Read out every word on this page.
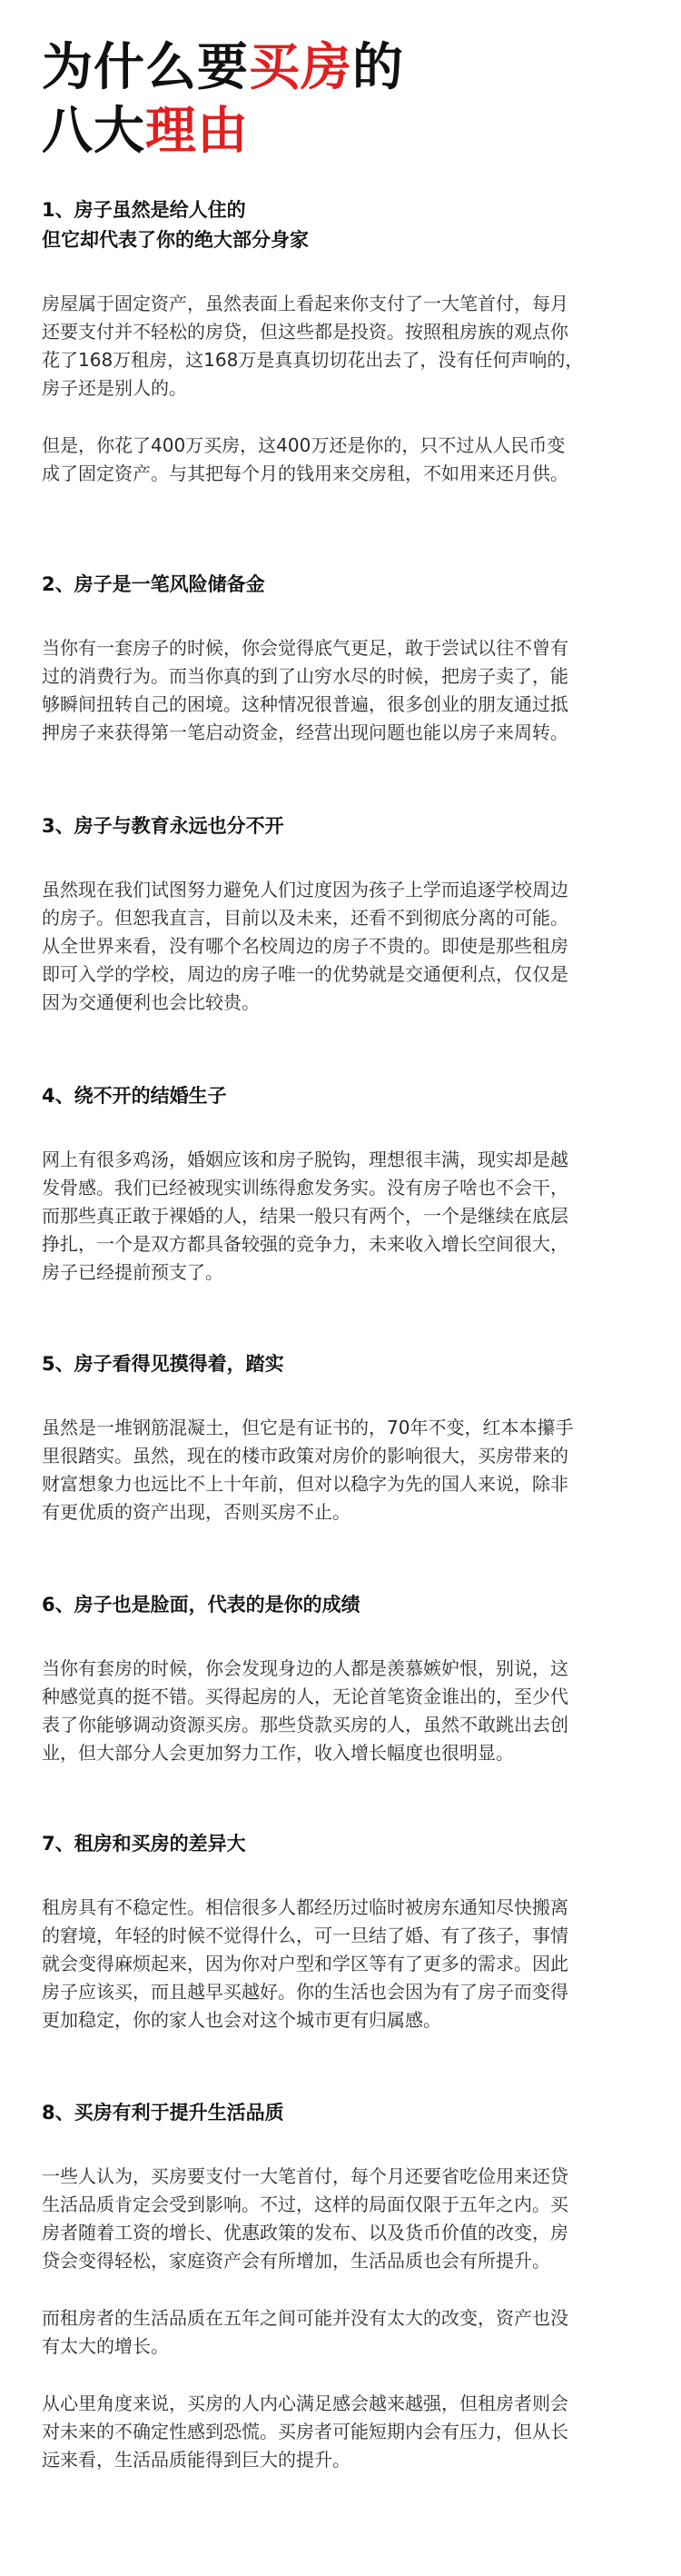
为什么要买房的
八大理由
1、房子虽然是给人住的
但它却代表了你的绝大部分身家

房屋属于固定资产，虽然表面上看起来你支付了一大笔首付，每月
还要支付并不轻松的房贷，但这些都是投资。按照租房族的观点你
花了168万租房，这168万是真真切切花出去了，没有任何声响的，
房子还是别人的。

但是，你花了400万买房，这400万还是你的，只不过从人民币变
成了固定资产。与其把每个月的钱用来交房租，不如用来还月供。

2、房子是一笔风险储备金

当你有一套房子的时候，你会觉得底气更足，敢于尝试以往不曾有
过的消费行为。而当你真的到了山穷水尽的时候，把房子卖了，能
够瞬间扭转自己的困境。这种情况很普遍，很多创业的朋友通过抵
押房子来获得第一笔启动资金，经营出现问题也能以房子来周转。

3、房子与教育永远也分不开

虽然现在我们试图努力避免人们过度因为孩子上学而追逐学校周边
的房子。但恕我直言，目前以及未来，还看不到彻底分离的可能。
从全世界来看，没有哪个名校周边的房子不贵的。即使是那些租房
即可入学的学校，周边的房子唯一的优势就是交通便利点，仅仅是
因为交通便利也会比较贵。

4、绕不开的结婚生子

网上有很多鸡汤，婚姻应该和房子脱钩，理想很丰满，现实却是越
发骨感。我们已经被现实训练得愈发务实。没有房子啥也不会干，
而那些真正敢于裸婚的人，结果一般只有两个，一个是继续在底层
挣扎，一个是双方都具备较强的竞争力，未来收入增长空间很大，
房子已经提前预支了。

5、房子看得见摸得着，踏实

虽然是一堆钢筋混凝土，但它是有证书的，70年不变，红本本攥手
里很踏实。虽然，现在的楼市政策对房价的影响很大，买房带来的
财富想象力也远比不上十年前，但对以稳字为先的国人来说，除非
有更优质的资产出现，否则买房不止。

6、房子也是脸面，代表的是你的成绩

当你有套房的时候，你会发现身边的人都是羡慕嫉妒恨，别说，这
种感觉真的挺不错。买得起房的人，无论首笔资金谁出的，至少代
表了你能够调动资源买房。那些贷款买房的人，虽然不敢跳出去创
业，但大部分人会更加努力工作，收入增长幅度也很明显。

7、租房和买房的差异大

租房具有不稳定性。相信很多人都经历过临时被房东通知尽快搬离
的窘境，年轻的时候不觉得什么，可一旦结了婚、有了孩子，事情
就会变得麻烦起来，因为你对户型和学区等有了更多的需求。因此
房子应该买，而且越早买越好。你的生活也会因为有了房子而变得
更加稳定，你的家人也会对这个城市更有归属感。

8、买房有利于提升生活品质

一些人认为，买房要支付一大笔首付，每个月还要省吃俭用来还贷
生活品质肯定会受到影响。不过，这样的局面仅限于五年之内。买
房者随着工资的增长、优惠政策的发布、以及货币价值的改变，房
贷会变得轻松，家庭资产会有所增加，生活品质也会有所提升。

而租房者的生活品质在五年之间可能并没有太大的改变，资产也没
有太大的增长。

从心里角度来说，买房的人内心满足感会越来越强，但租房者则会
对未来的不确定性感到恐慌。买房者可能短期内会有压力，但从长
远来看，生活品质能得到巨大的提升。
